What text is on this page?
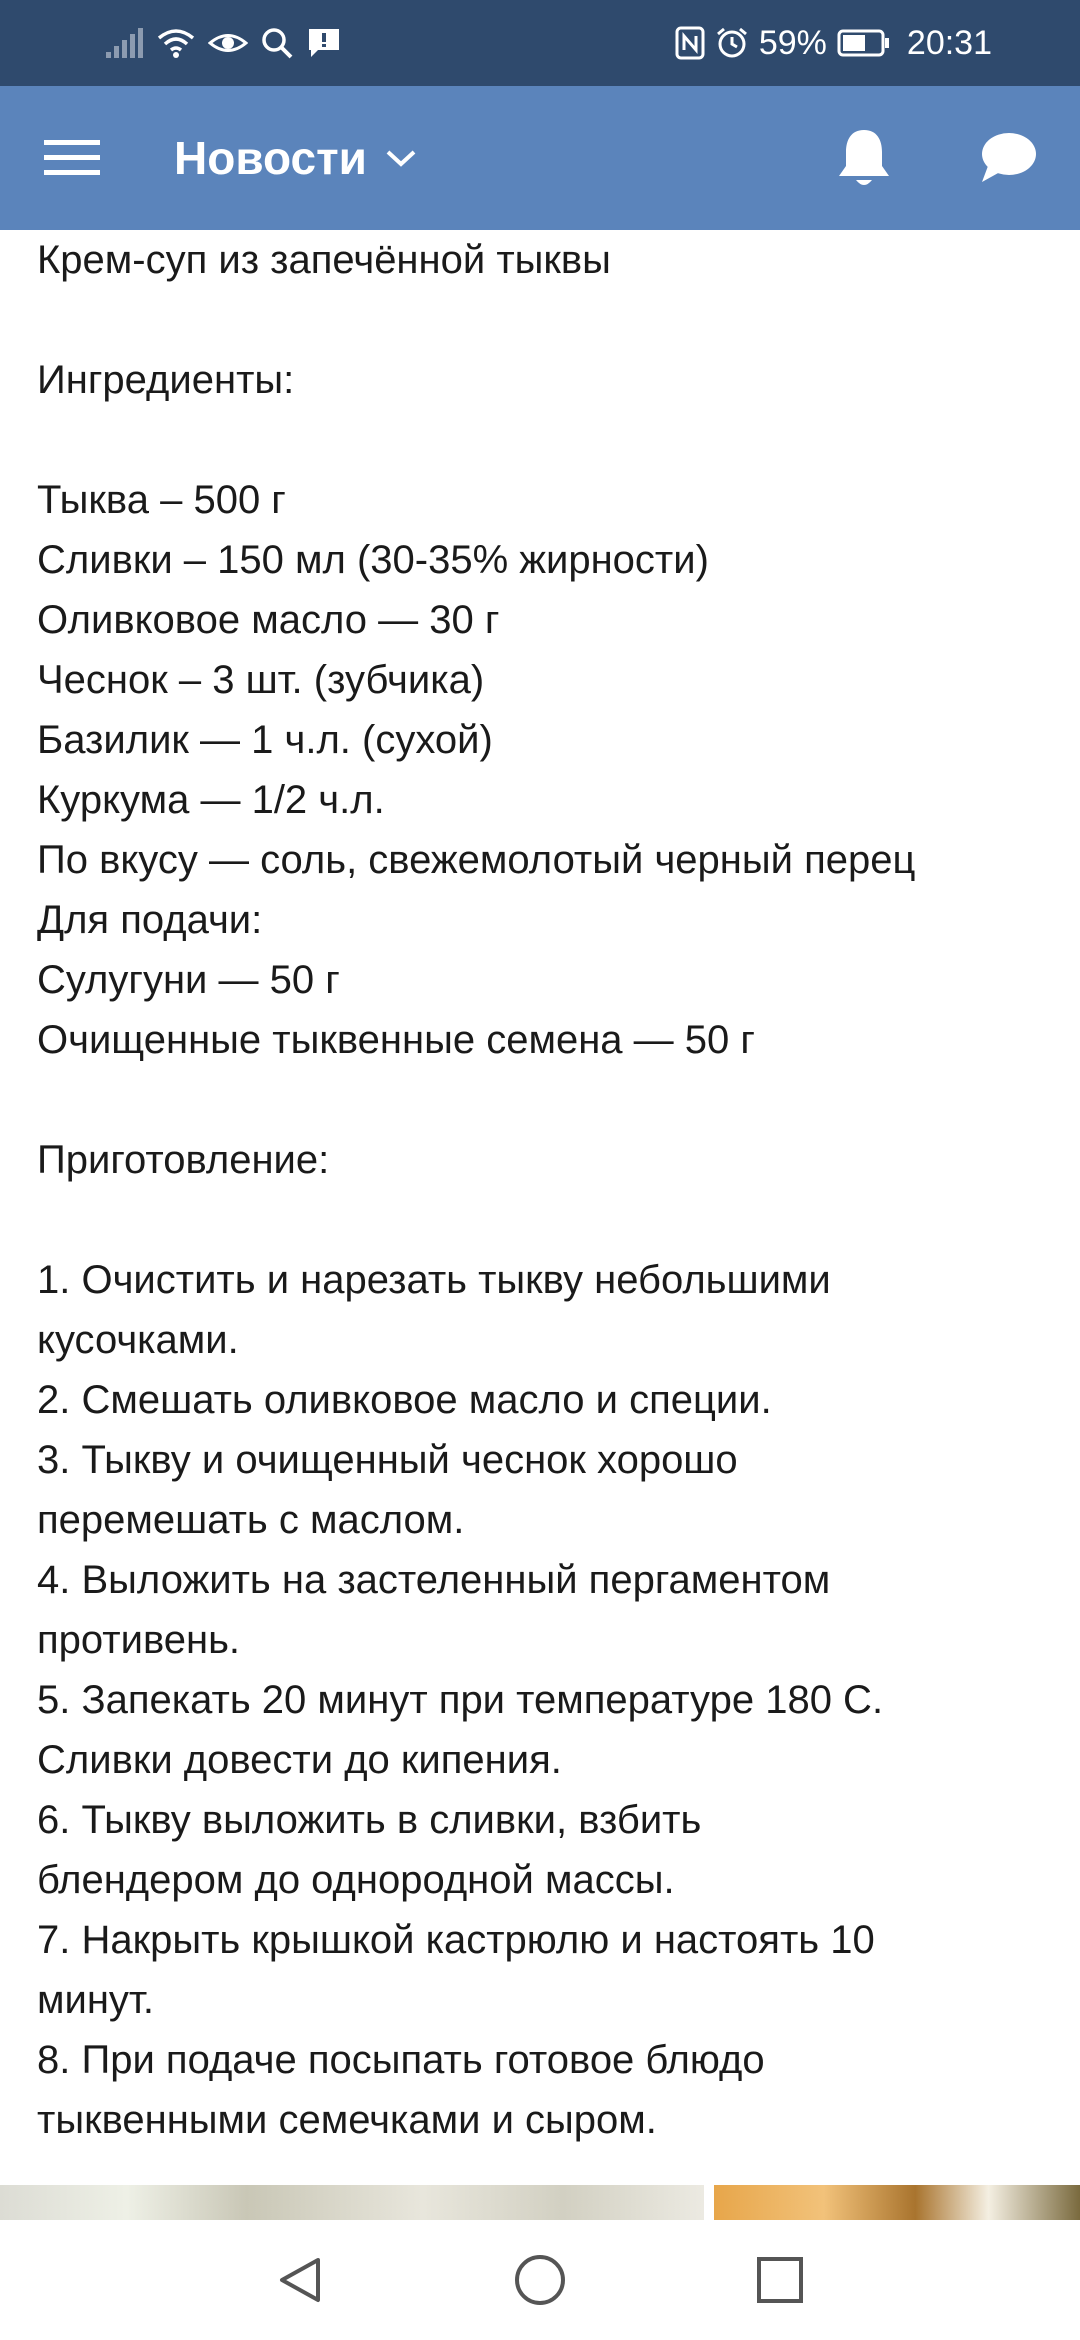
59% 20:31
Новости
Крем-суп из запечённой тыквы
Ингредиенты:
Тыква – 500 г
Сливки – 150 мл (30-35% жирности)
Оливковое масло — 30 г
Чеснок – 3 шт. (зубчика)
Базилик — 1 ч.л. (сухой)
Куркума — 1/2 ч.л.
По вкусу — соль, свежемолотый черный перец
Для подачи:
Сулугуни — 50 г
Очищенные тыквенные семена — 50 г
Приготовление:
1. Очистить и нарезать тыкву небольшими
кусочками.
2. Смешать оливковое масло и специи.
3. Тыкву и очищенный чеснок хорошо
перемешать с маслом.
4. Выложить на застеленный пергаментом
противень.
5. Запекать 20 минут при температуре 180 С.
Сливки довести до кипения.
6. Тыкву выложить в сливки, взбить
блендером до однородной массы.
7. Накрыть крышкой кастрюлю и настоять 10
минут.
8. При подаче посыпать готовое блюдо
тыквенными семечками и сыром.
